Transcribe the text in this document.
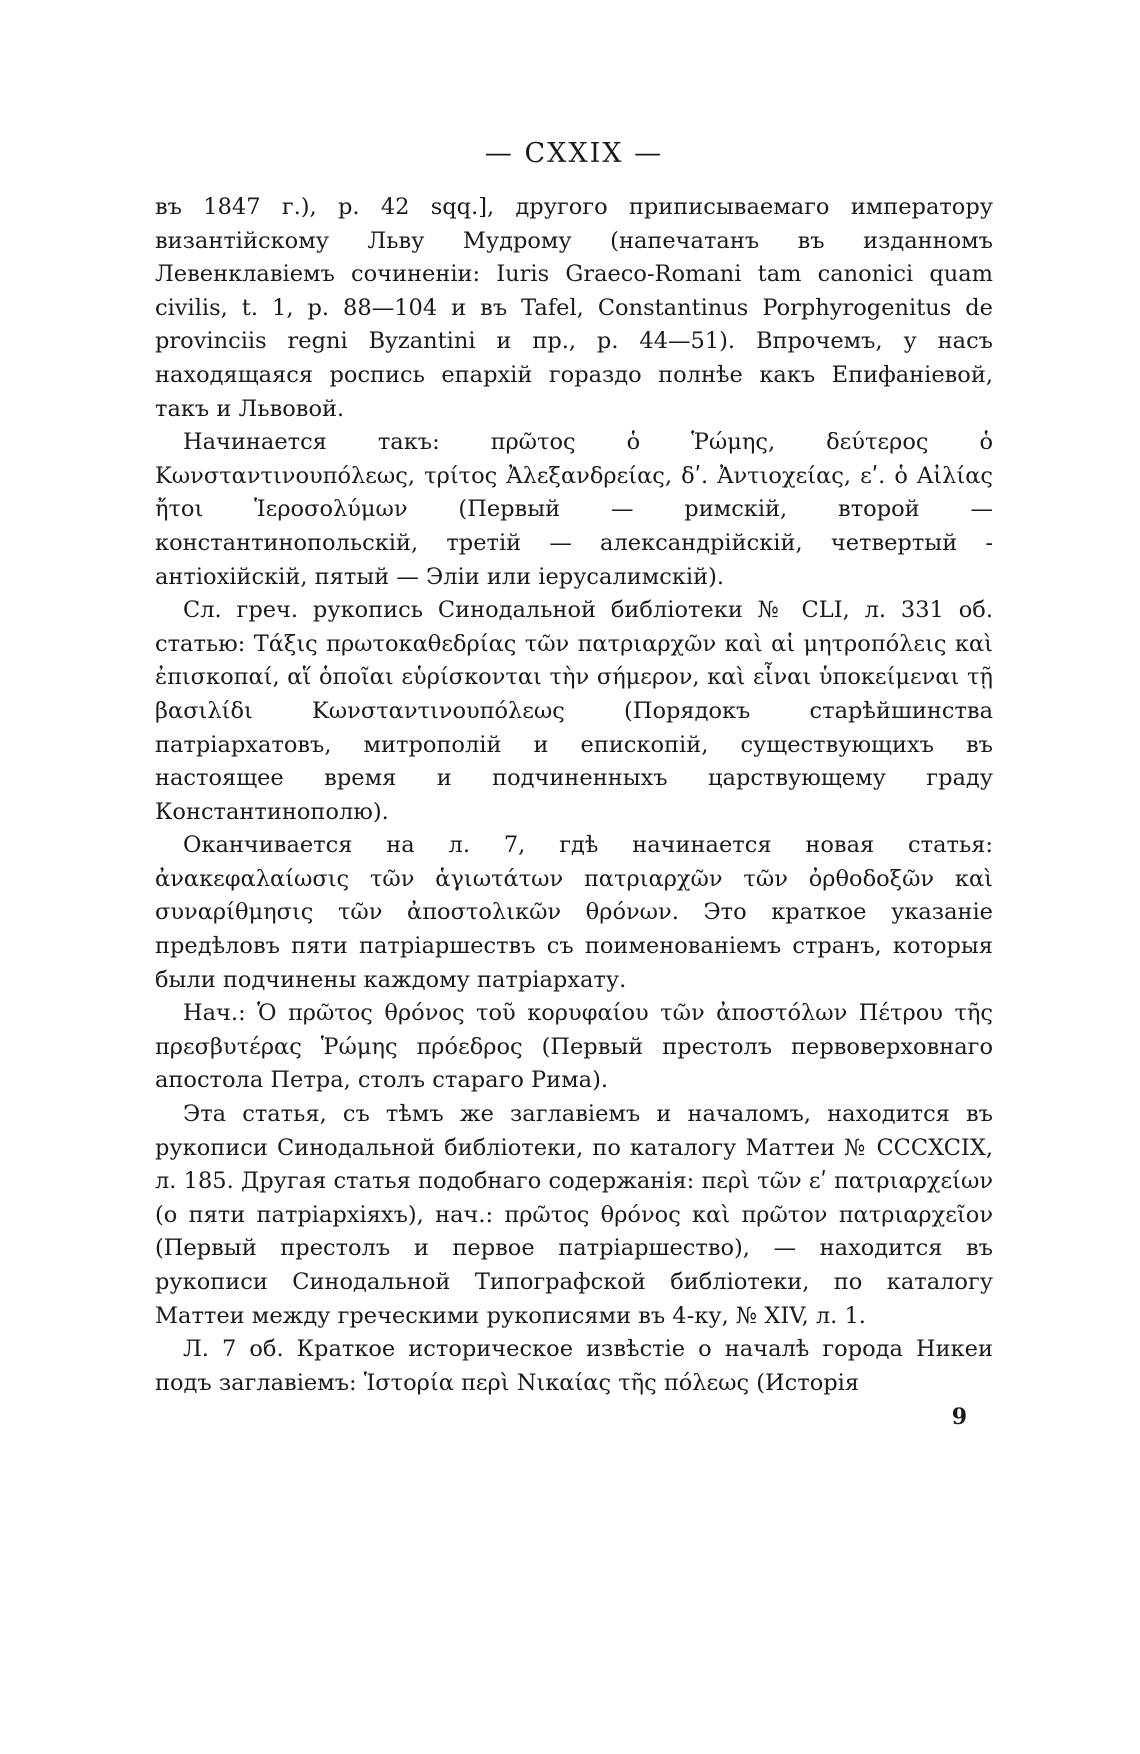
— CXXIX —

въ 1847 г.), р. 42 sqq.], другого приписываемаго императору византійскому Льву Мудрому (напечатанъ въ изданномъ Левенклавіемъ сочиненіи: Iuris Graeco-Romani tam canonici quam civilis, t. 1, p. 88—104 и въ Tafel, Constantinus Porphyrogenitus de provinciis regni Byzantini и пр., p. 44—51). Впрочемъ, у насъ находящаяся роспись епархій гораздо полнѣе какъ Епифаніевой, такъ и Львовой.

Начинается такъ: πρῶτος ὁ Ῥώμης, δεύτερος ὁ Κωνσταντινουπόλεως, τρίτος Ἀλεξανδρείας, δʹ. Ἀντιοχείας, εʹ. ὁ Αἰλίας ἤτοι Ἱεροσολύμων (Первый — римскій, второй — константинопольскій, третій — александрійскій, четвертый - антіохійскій, пятый — Эліи или іерусалимскій).

Сл. греч. рукопись Синодальной библіотеки № CLI, л. 331 об. статью: Τάξις πρωτοκαθεδρίας τῶν πατριαρχῶν καὶ αἱ μητροπόλεις καὶ ἐπισκοπαί, αἵ ὁποῖαι εὑρίσκονται τὴν σήμερον, καὶ εἶναι ὑποκείμεναι τῇ βασιλίδι Κωνσταντινουπόλεως (Порядокъ старѣйшинства патріархатовъ, митрополій и епископій, существующихъ въ настоящее время и подчиненныхъ царствующему граду Константинополю).

Оканчивается на л. 7, гдѣ начинается новая статья: ἀνακεφαλαίωσις τῶν ἁγιωτάτων πατριαρχῶν τῶν ὀρθοδοξῶν καὶ συναρίθμησις τῶν ἀποστολικῶν θρόνων. Это краткое указаніе предѣловъ пяти патріаршествъ съ поименованіемъ странъ, которыя были подчинены каждому патріархату.

Нач.: Ὁ πρῶτος θρόνος τοῦ κορυφαίου τῶν ἀποστόλων Πέτρου τῆς πρεσβυτέρας Ῥώμης πρόεδρος (Первый престолъ первоверховнаго апостола Петра, столъ стараго Рима).

Эта статья, съ тѣмъ же заглавіемъ и началомъ, находится въ рукописи Синодальной библіотеки, по каталогу Маттеи № CCCXCIX, л. 185. Другая статья подобнаго содержанія: περὶ τῶν εʹ πατριαρχείων (о пяти патріархіяхъ), нач.: πρῶτος θρόνος καὶ πρῶτον πατριαρχεῖον (Первый престолъ и первое патріаршество), — находится въ рукописи Синодальной Типографской библіотеки, по каталогу Маттеи между греческими рукописями въ 4-ку, № XIV, л. 1.

Л. 7 об. Краткое историческое извѣстіе о началѣ города Никеи подъ заглавіемъ: Ἱστορία περὶ Νικαίας τῆς πόλεως (Исторія

9
